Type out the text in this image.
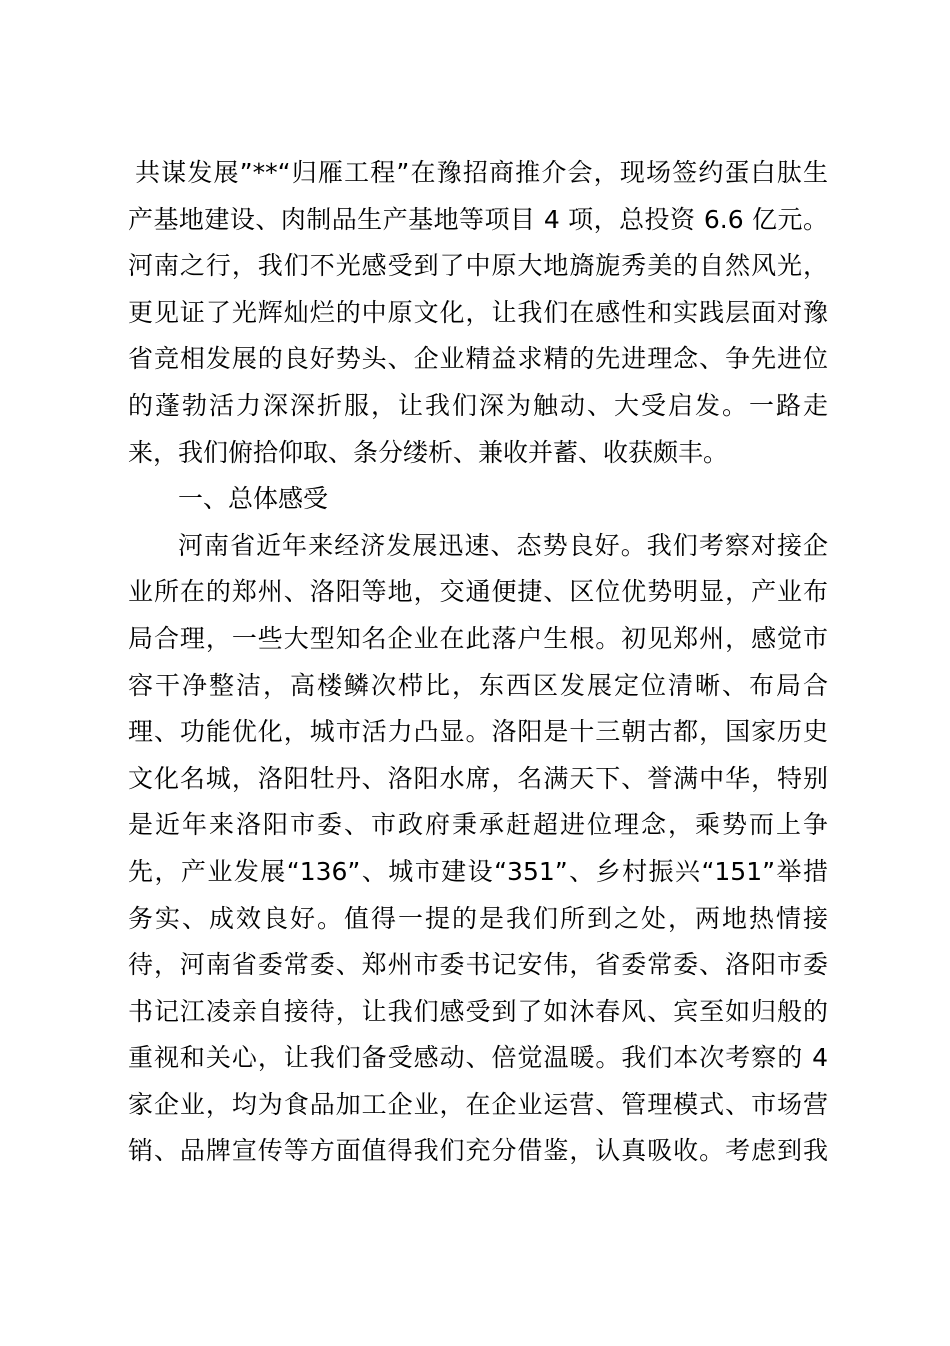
共谋发展”**“归雁工程”在豫招商推介会，现场签约蛋白肽生
产基地建设、肉制品生产基地等项目 4 项，总投资 6.6 亿元。
河南之行，我们不光感受到了中原大地旖旎秀美的自然风光，
更见证了光辉灿烂的中原文化，让我们在感性和实践层面对豫
省竞相发展的良好势头、企业精益求精的先进理念、争先进位
的蓬勃活力深深折服，让我们深为触动、大受启发。一路走
来，我们俯拾仰取、条分缕析、兼收并蓄、收获颇丰。
一、总体感受
河南省近年来经济发展迅速、态势良好。我们考察对接企
业所在的郑州、洛阳等地，交通便捷、区位优势明显，产业布
局合理，一些大型知名企业在此落户生根。初见郑州，感觉市
容干净整洁，高楼鳞次栉比，东西区发展定位清晰、布局合
理、功能优化，城市活力凸显。洛阳是十三朝古都，国家历史
文化名城，洛阳牡丹、洛阳水席，名满天下、誉满中华，特别
是近年来洛阳市委、市政府秉承赶超进位理念，乘势而上争
先，产业发展“136”、城市建设“351”、乡村振兴“151”举措
务实、成效良好。值得一提的是我们所到之处，两地热情接
待，河南省委常委、郑州市委书记安伟，省委常委、洛阳市委
书记江凌亲自接待，让我们感受到了如沐春风、宾至如归般的
重视和关心，让我们备受感动、倍觉温暖。我们本次考察的 4
家企业，均为食品加工企业，在企业运营、管理模式、市场营
销、品牌宣传等方面值得我们充分借鉴，认真吸收。考虑到我
